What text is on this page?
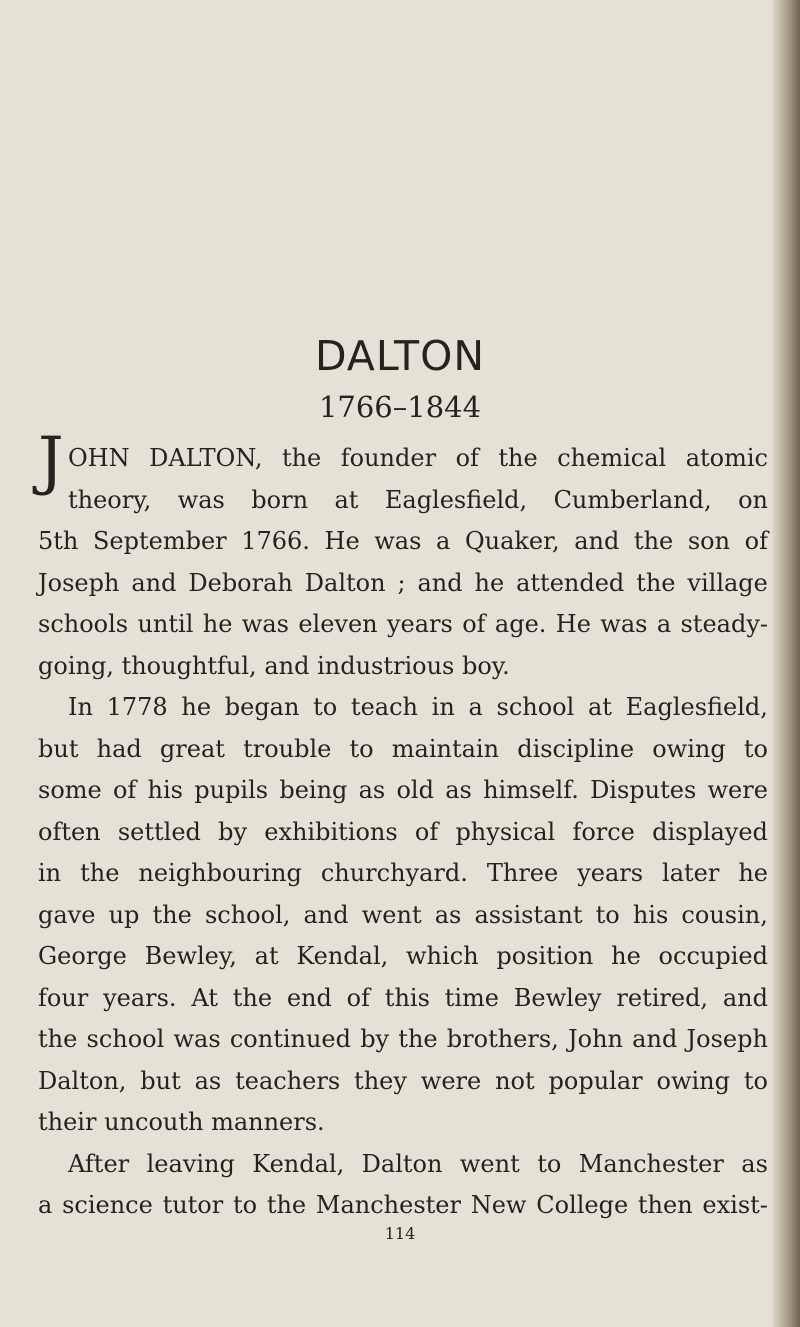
DALTON
1766–1844
J OHN DALTON, the founder of the chemical atomic
theory, was born at Eaglesfield, Cumberland, on
5th September 1766. He was a Quaker, and the son of
Joseph and Deborah Dalton ; and he attended the village
schools until he was eleven years of age. He was a steady-
going, thoughtful, and industrious boy.
In 1778 he began to teach in a school at Eaglesfield,
but had great trouble to maintain discipline owing to
some of his pupils being as old as himself. Disputes were
often settled by exhibitions of physical force displayed
in the neighbouring churchyard. Three years later he
gave up the school, and went as assistant to his cousin,
George Bewley, at Kendal, which position he occupied
four years. At the end of this time Bewley retired, and
the school was continued by the brothers, John and Joseph
Dalton, but as teachers they were not popular owing to
their uncouth manners.
After leaving Kendal, Dalton went to Manchester as
a science tutor to the Manchester New College then exist-
114
